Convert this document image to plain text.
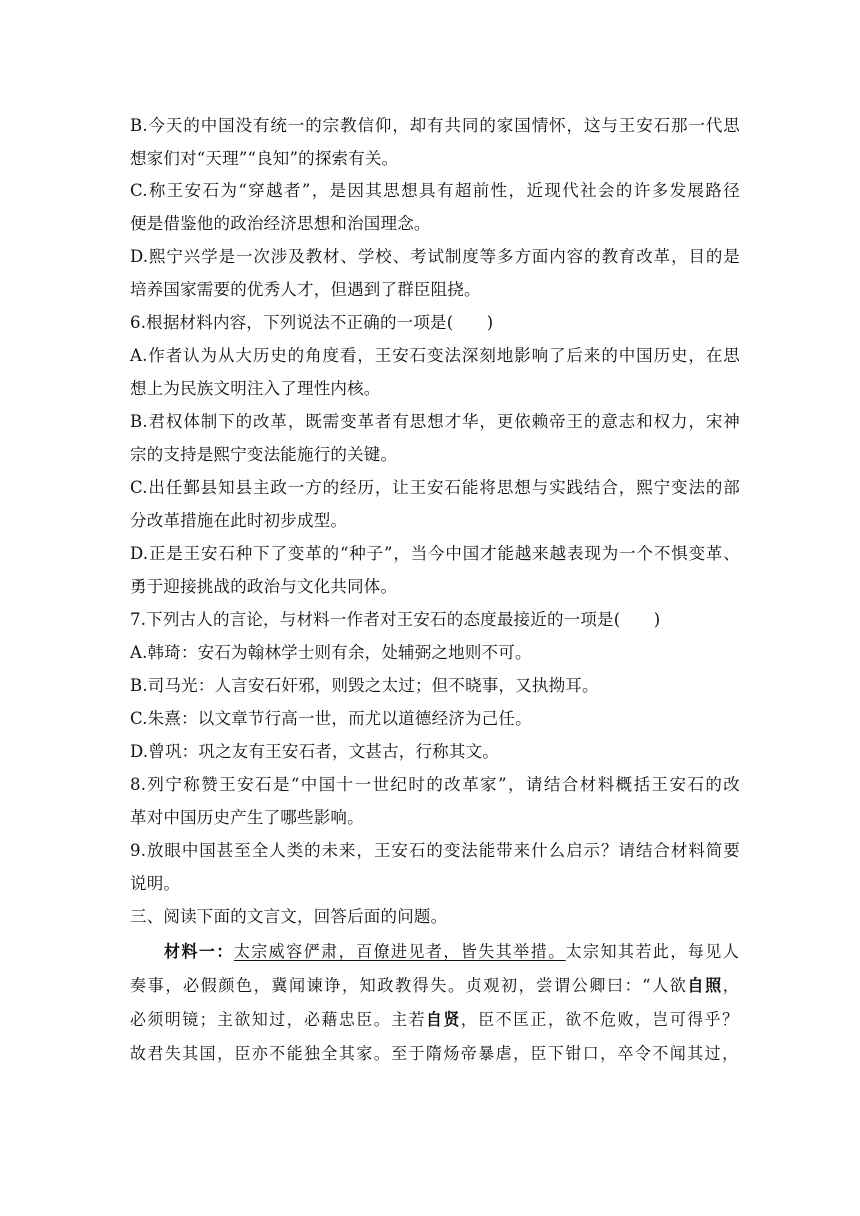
B.今天的中国没有统一的宗教信仰，却有共同的家国情怀，这与王安石那一代思
想家们对“天理”“良知”的探索有关。
C.称王安石为“穿越者”，是因其思想具有超前性，近现代社会的许多发展路径
便是借鉴他的政治经济思想和治国理念。
D.熙宁兴学是一次涉及教材、学校、考试制度等多方面内容的教育改革，目的是
培养国家需要的优秀人才，但遇到了群臣阻挠。
6.根据材料内容，下列说法不正确的一项是(　　)
A.作者认为从大历史的角度看，王安石变法深刻地影响了后来的中国历史，在思
想上为民族文明注入了理性内核。
B.君权体制下的改革，既需变革者有思想才华，更依赖帝王的意志和权力，宋神
宗的支持是熙宁变法能施行的关键。
C.出任鄞县知县主政一方的经历，让王安石能将思想与实践结合，熙宁变法的部
分改革措施在此时初步成型。
D.正是王安石种下了变革的“种子”，当今中国才能越来越表现为一个不惧变革、
勇于迎接挑战的政治与文化共同体。
7.下列古人的言论，与材料一作者对王安石的态度最接近的一项是(　　)
A.韩琦：安石为翰林学士则有余，处辅弼之地则不可。
B.司马光：人言安石奸邪，则毁之太过；但不晓事，又执拗耳。
C.朱熹：以文章节行高一世，而尤以道德经济为己任。
D.曾巩：巩之友有王安石者，文甚古，行称其文。
8.列宁称赞王安石是“中国十一世纪时的改革家”，请结合材料概括王安石的改
革对中国历史产生了哪些影响。
9.放眼中国甚至全人类的未来，王安石的变法能带来什么启示？请结合材料简要
说明。
三、阅读下面的文言文，回答后面的问题。
材料一：太宗威容俨肃，百僚进见者，皆失其举措。太宗知其若此，每见人
奏事，必假颜色，冀闻谏诤，知政教得失。贞观初，尝谓公卿曰：“人欲自照，
必须明镜；主欲知过，必藉忠臣。主若自贤，臣不匡正，欲不危败，岂可得乎？
故君失其国，臣亦不能独全其家。至于隋炀帝暴虐，臣下钳口，卒令不闻其过，
